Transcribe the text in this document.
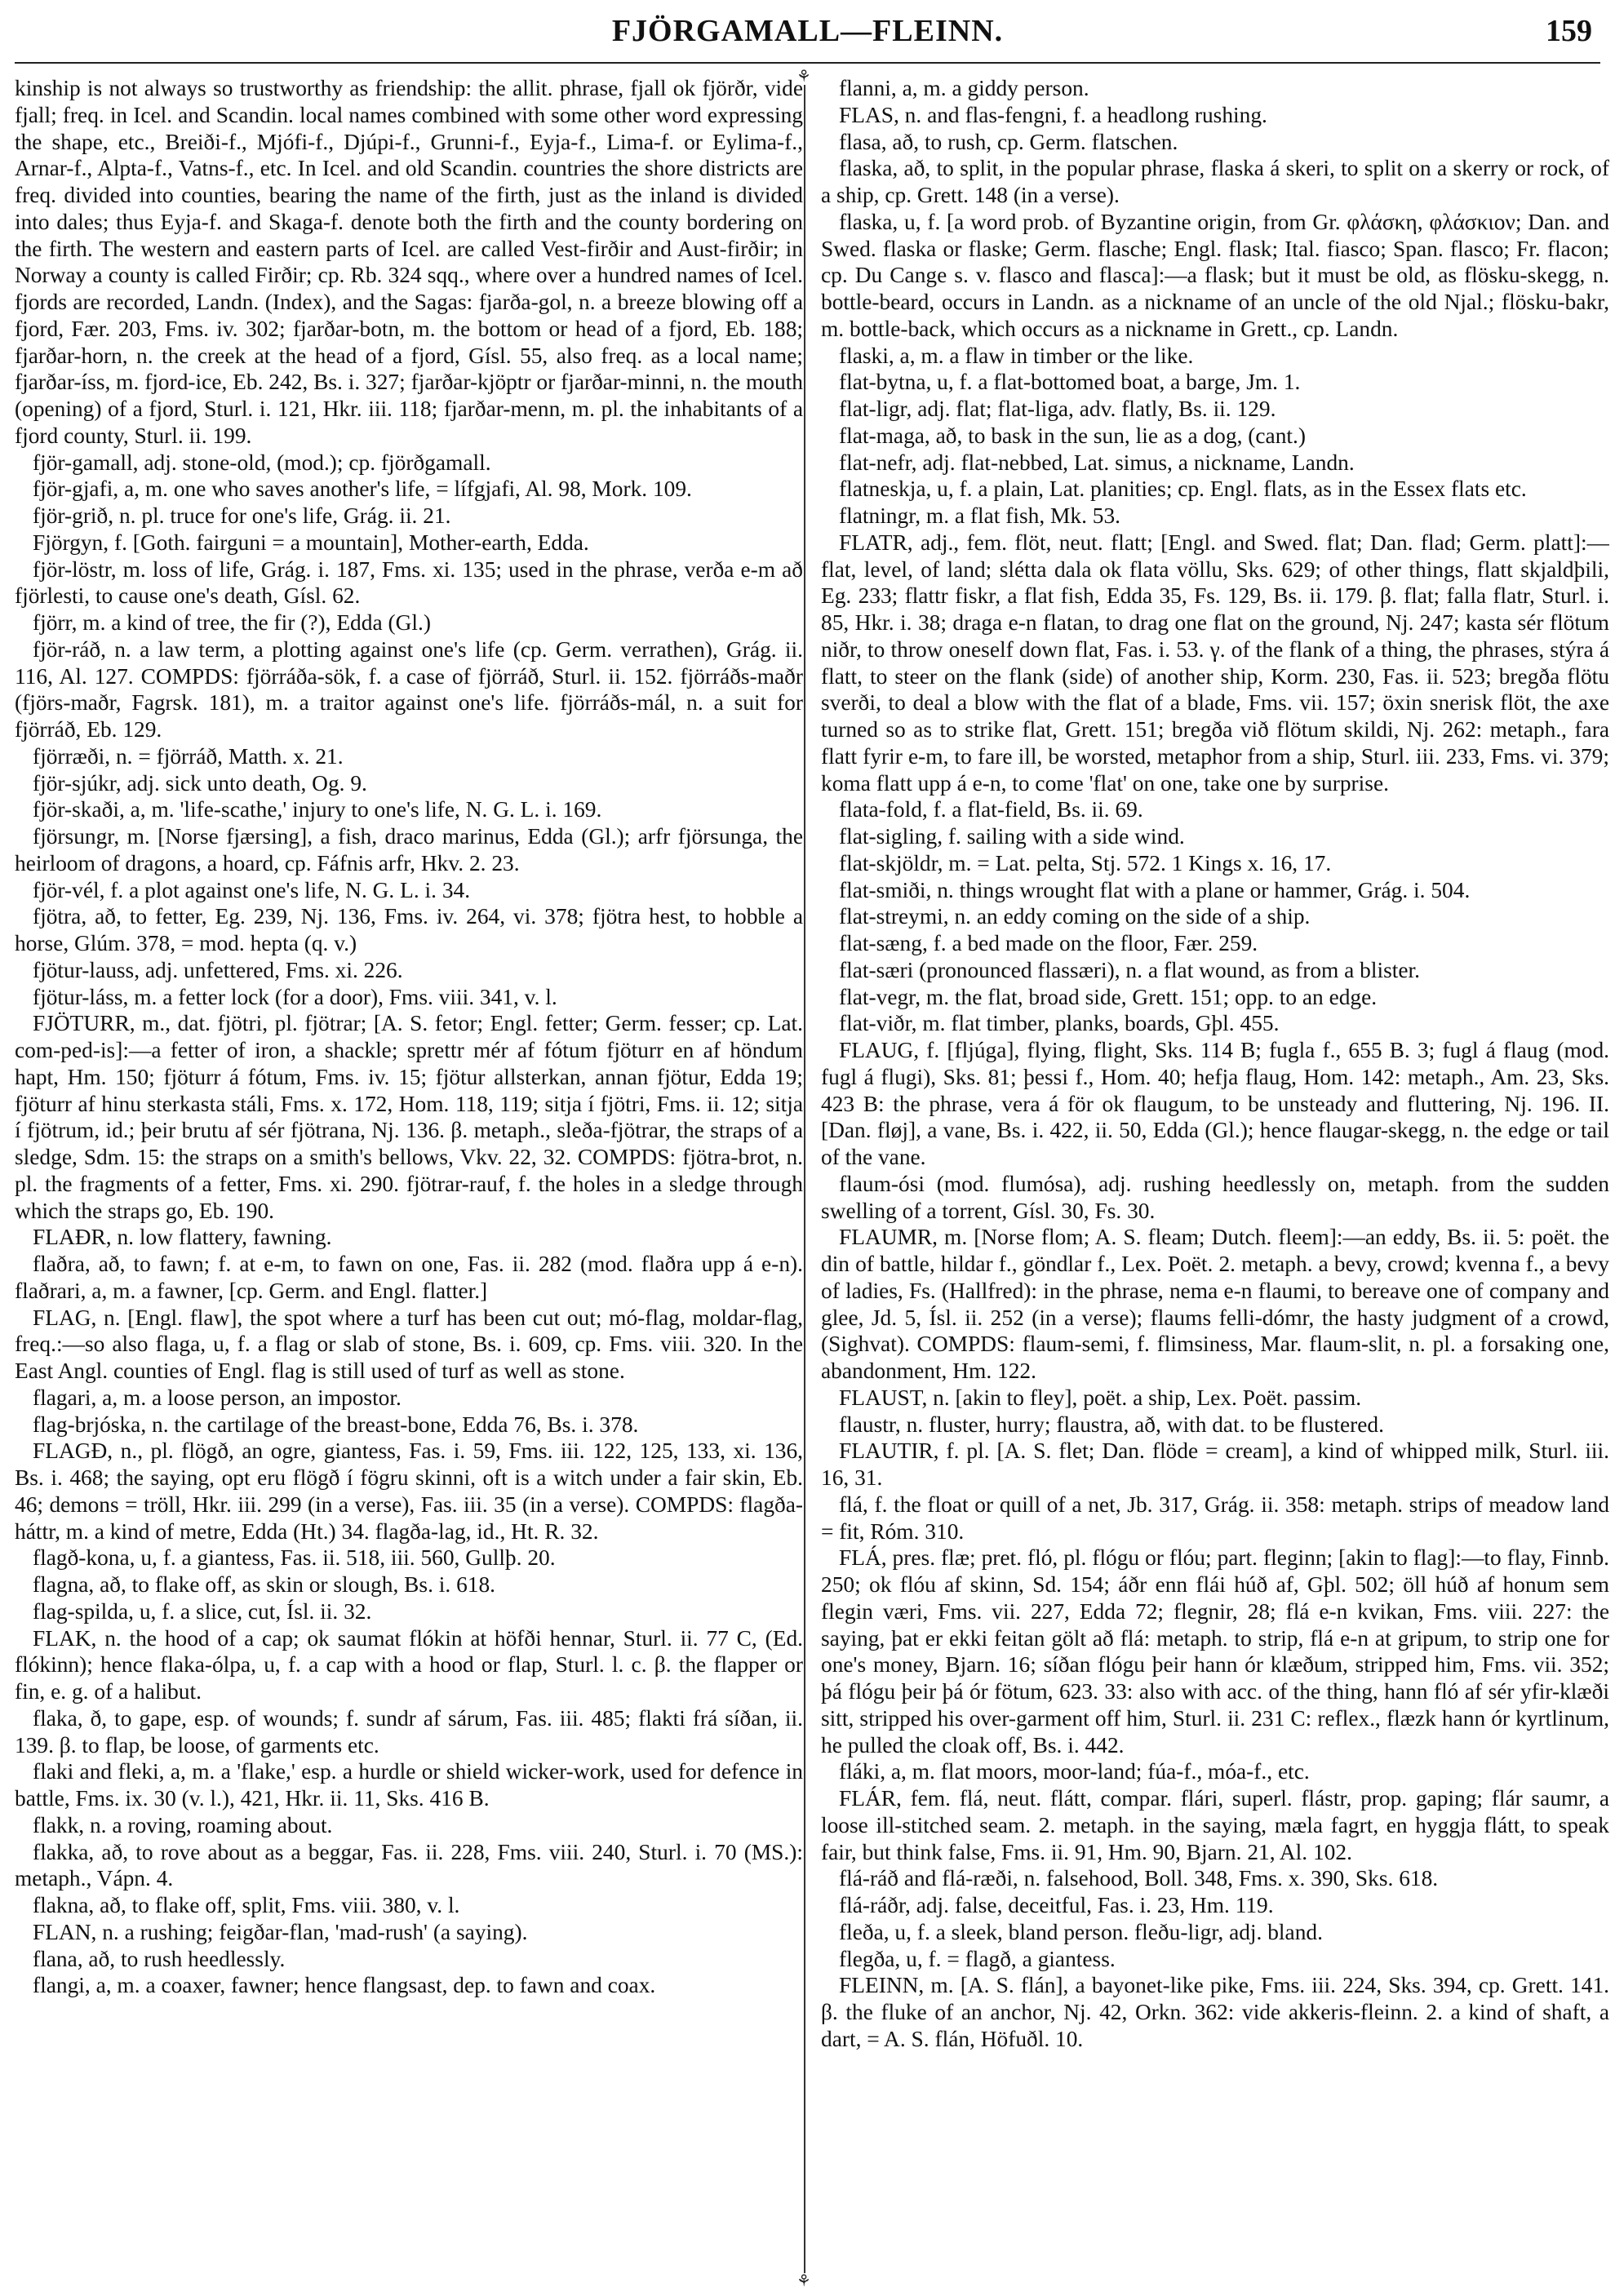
FJÖRGAMALL—FLEINN.	159
⚘
⚘

kinship is not always so trustworthy as friendship: the allit. phrase, fjall ok fjörðr, vide fjall; freq. in Icel. and Scandin. local names combined with some other word expressing the shape, etc., Breiði-f., Mjófi-f., Djúpi-f., Grunni-f., Eyja-f., Lima-f. or Eylima-f., Arnar-f., Alpta-f., Vatns-f., etc. In Icel. and old Scandin. countries the shore districts are freq. divided into counties, bearing the name of the firth, just as the inland is divided into dales; thus Eyja-f. and Skaga-f. denote both the firth and the county bordering on the firth. The western and eastern parts of Icel. are called Vest-firðir and Aust-firðir; in Norway a county is called Firðir; cp. Rb. 324 sqq., where over a hundred names of Icel. fjords are recorded, Landn. (Index), and the Sagas: fjarða-gol, n. a breeze blowing off a fjord, Fær. 203, Fms. iv. 302; fjarðar-botn, m. the bottom or head of a fjord, Eb. 188; fjarðar-horn, n. the creek at the head of a fjord, Gísl. 55, also freq. as a local name; fjarðar-íss, m. fjord-ice, Eb. 242, Bs. i. 327; fjarðar-kjöptr or fjarðar-minni, n. the mouth (opening) of a fjord, Sturl. i. 121, Hkr. iii. 118; fjarðar-menn, m. pl. the inhabitants of a fjord county, Sturl. ii. 199.

fjör-gamall, adj. stone-old, (mod.); cp. fjörðgamall.

fjör-gjafi, a, m. one who saves another's life, = lífgjafi, Al. 98, Mork. 109.

fjör-grið, n. pl. truce for one's life, Grág. ii. 21.

Fjörgyn, f. [Goth. fairguni = a mountain], Mother-earth, Edda.

fjör-löstr, m. loss of life, Grág. i. 187, Fms. xi. 135; used in the phrase, verða e-m að fjörlesti, to cause one's death, Gísl. 62.

fjörr, m. a kind of tree, the fir (?), Edda (Gl.)

fjör-ráð, n. a law term, a plotting against one's life (cp. Germ. verrathen), Grág. ii. 116, Al. 127. COMPDS: fjörráða-sök, f. a case of fjörráð, Sturl. ii. 152. fjörráðs-maðr (fjörs-maðr, Fagrsk. 181), m. a traitor against one's life. fjörráðs-mál, n. a suit for fjörráð, Eb. 129.

fjörræði, n. = fjörráð, Matth. x. 21.

fjör-sjúkr, adj. sick unto death, Og. 9.

fjör-skaði, a, m. 'life-scathe,' injury to one's life, N. G. L. i. 169.

fjörsungr, m. [Norse fjærsing], a fish, draco marinus, Edda (Gl.); arfr fjörsunga, the heirloom of dragons, a hoard, cp. Fáfnis arfr, Hkv. 2. 23.

fjör-vél, f. a plot against one's life, N. G. L. i. 34.

fjötra, að, to fetter, Eg. 239, Nj. 136, Fms. iv. 264, vi. 378; fjötra hest, to hobble a horse, Glúm. 378, = mod. hepta (q. v.)

fjötur-lauss, adj. unfettered, Fms. xi. 226.

fjötur-láss, m. a fetter lock (for a door), Fms. viii. 341, v. l.

FJÖTURR, m., dat. fjötri, pl. fjötrar; [A. S. fetor; Engl. fetter; Germ. fesser; cp. Lat. com-ped-is]:—a fetter of iron, a shackle; sprettr mér af fótum fjöturr en af höndum hapt, Hm. 150; fjöturr á fótum, Fms. iv. 15; fjötur allsterkan, annan fjötur, Edda 19; fjöturr af hinu sterkasta stáli, Fms. x. 172, Hom. 118, 119; sitja í fjötri, Fms. ii. 12; sitja í fjötrum, id.; þeir brutu af sér fjötrana, Nj. 136. β. metaph., sleða-fjötrar, the straps of a sledge, Sdm. 15: the straps on a smith's bellows, Vkv. 22, 32. COMPDS: fjötra-brot, n. pl. the fragments of a fetter, Fms. xi. 290. fjötrar-rauf, f. the holes in a sledge through which the straps go, Eb. 190.

FLAÐR, n. low flattery, fawning.

flaðra, að, to fawn; f. at e-m, to fawn on one, Fas. ii. 282 (mod. flaðra upp á e-n). flaðrari, a, m. a fawner, [cp. Germ. and Engl. flatter.]

FLAG, n. [Engl. flaw], the spot where a turf has been cut out; mó-flag, moldar-flag, freq.:—so also flaga, u, f. a flag or slab of stone, Bs. i. 609, cp. Fms. viii. 320. In the East Angl. counties of Engl. flag is still used of turf as well as stone.

flagari, a, m. a loose person, an impostor.

flag-brjóska, n. the cartilage of the breast-bone, Edda 76, Bs. i. 378.

FLAGÐ, n., pl. flögð, an ogre, giantess, Fas. i. 59, Fms. iii. 122, 125, 133, xi. 136, Bs. i. 468; the saying, opt eru flögð í fögru skinni, oft is a witch under a fair skin, Eb. 46; demons = tröll, Hkr. iii. 299 (in a verse), Fas. iii. 35 (in a verse). COMPDS: flagða-háttr, m. a kind of metre, Edda (Ht.) 34. flagða-lag, id., Ht. R. 32.

flagð-kona, u, f. a giantess, Fas. ii. 518, iii. 560, Gullþ. 20.

flagna, að, to flake off, as skin or slough, Bs. i. 618.

flag-spilda, u, f. a slice, cut, Ísl. ii. 32.

FLAK, n. the hood of a cap; ok saumat flókin at höfði hennar, Sturl. ii. 77 C, (Ed. flókinn); hence flaka-ólpa, u, f. a cap with a hood or flap, Sturl. l. c. β. the flapper or fin, e. g. of a halibut.

flaka, ð, to gape, esp. of wounds; f. sundr af sárum, Fas. iii. 485; flakti frá síðan, ii. 139. β. to flap, be loose, of garments etc.

flaki and fleki, a, m. a 'flake,' esp. a hurdle or shield wicker-work, used for defence in battle, Fms. ix. 30 (v. l.), 421, Hkr. ii. 11, Sks. 416 B.

flakk, n. a roving, roaming about.

flakka, að, to rove about as a beggar, Fas. ii. 228, Fms. viii. 240, Sturl. i. 70 (MS.): metaph., Vápn. 4.

flakna, að, to flake off, split, Fms. viii. 380, v. l.

FLAN, n. a rushing; feigðar-flan, 'mad-rush' (a saying).

flana, að, to rush heedlessly.

flangi, a, m. a coaxer, fawner; hence flangsast, dep. to fawn and coax.

flanni, a, m. a giddy person.

FLAS, n. and flas-fengni, f. a headlong rushing.

flasa, að, to rush, cp. Germ. flatschen.

flaska, að, to split, in the popular phrase, flaska á skeri, to split on a skerry or rock, of a ship, cp. Grett. 148 (in a verse).

flaska, u, f. [a word prob. of Byzantine origin, from Gr. φλάσκη, φλάσκιον; Dan. and Swed. flaska or flaske; Germ. flasche; Engl. flask; Ital. fiasco; Span. flasco; Fr. flacon; cp. Du Cange s. v. flasco and flasca]:—a flask; but it must be old, as flösku-skegg, n. bottle-beard, occurs in Landn. as a nickname of an uncle of the old Njal.; flösku-bakr, m. bottle-back, which occurs as a nickname in Grett., cp. Landn.

flaski, a, m. a flaw in timber or the like.

flat-bytna, u, f. a flat-bottomed boat, a barge, Jm. 1.

flat-ligr, adj. flat; flat-liga, adv. flatly, Bs. ii. 129.

flat-maga, að, to bask in the sun, lie as a dog, (cant.)

flat-nefr, adj. flat-nebbed, Lat. simus, a nickname, Landn.

flatneskja, u, f. a plain, Lat. planities; cp. Engl. flats, as in the Essex flats etc.

flatningr, m. a flat fish, Mk. 53.

FLATR, adj., fem. flöt, neut. flatt; [Engl. and Swed. flat; Dan. flad; Germ. platt]:—flat, level, of land; slétta dala ok flata völlu, Sks. 629; of other things, flatt skjaldþili, Eg. 233; flattr fiskr, a flat fish, Edda 35, Fs. 129, Bs. ii. 179. β. flat; falla flatr, Sturl. i. 85, Hkr. i. 38; draga e-n flatan, to drag one flat on the ground, Nj. 247; kasta sér flötum niðr, to throw oneself down flat, Fas. i. 53. γ. of the flank of a thing, the phrases, stýra á flatt, to steer on the flank (side) of another ship, Korm. 230, Fas. ii. 523; bregða flötu sverði, to deal a blow with the flat of a blade, Fms. vii. 157; öxin snerisk flöt, the axe turned so as to strike flat, Grett. 151; bregða við flötum skildi, Nj. 262: metaph., fara flatt fyrir e-m, to fare ill, be worsted, metaphor from a ship, Sturl. iii. 233, Fms. vi. 379; koma flatt upp á e-n, to come 'flat' on one, take one by surprise.

flata-fold, f. a flat-field, Bs. ii. 69.

flat-sigling, f. sailing with a side wind.

flat-skjöldr, m. = Lat. pelta, Stj. 572. 1 Kings x. 16, 17.

flat-smiði, n. things wrought flat with a plane or hammer, Grág. i. 504.

flat-streymi, n. an eddy coming on the side of a ship.

flat-sæng, f. a bed made on the floor, Fær. 259.

flat-særi (pronounced flassæri), n. a flat wound, as from a blister.

flat-vegr, m. the flat, broad side, Grett. 151; opp. to an edge.

flat-viðr, m. flat timber, planks, boards, Gþl. 455.

FLAUG, f. [fljúga], flying, flight, Sks. 114 B; fugla f., 655 B. 3; fugl á flaug (mod. fugl á flugi), Sks. 81; þessi f., Hom. 40; hefja flaug, Hom. 142: metaph., Am. 23, Sks. 423 B: the phrase, vera á för ok flaugum, to be unsteady and fluttering, Nj. 196. II. [Dan. fløj], a vane, Bs. i. 422, ii. 50, Edda (Gl.); hence flaugar-skegg, n. the edge or tail of the vane.

flaum-ósi (mod. flumósa), adj. rushing heedlessly on, metaph. from the sudden swelling of a torrent, Gísl. 30, Fs. 30.

FLAUMR, m. [Norse flom; A. S. fleam; Dutch. fleem]:—an eddy, Bs. ii. 5: poët. the din of battle, hildar f., göndlar f., Lex. Poët. 2. metaph. a bevy, crowd; kvenna f., a bevy of ladies, Fs. (Hallfred): in the phrase, nema e-n flaumi, to bereave one of company and glee, Jd. 5, Ísl. ii. 252 (in a verse); flaums felli-dómr, the hasty judgment of a crowd, (Sighvat). COMPDS: flaum-semi, f. flimsiness, Mar. flaum-slit, n. pl. a forsaking one, abandonment, Hm. 122.

FLAUST, n. [akin to fley], poët. a ship, Lex. Poët. passim.

flaustr, n. fluster, hurry; flaustra, að, with dat. to be flustered.

FLAUTIR, f. pl. [A. S. flet; Dan. flöde = cream], a kind of whipped milk, Sturl. iii. 16, 31.

flá, f. the float or quill of a net, Jb. 317, Grág. ii. 358: metaph. strips of meadow land = fit, Róm. 310.

FLÁ, pres. flæ; pret. fló, pl. flógu or flóu; part. fleginn; [akin to flag]:—to flay, Finnb. 250; ok flóu af skinn, Sd. 154; áðr enn flái húð af, Gþl. 502; öll húð af honum sem flegin væri, Fms. vii. 227, Edda 72; flegnir, 28; flá e-n kvikan, Fms. viii. 227: the saying, þat er ekki feitan gölt að flá: metaph. to strip, flá e-n at gripum, to strip one for one's money, Bjarn. 16; síðan flógu þeir hann ór klæðum, stripped him, Fms. vii. 352; þá flógu þeir þá ór fötum, 623. 33: also with acc. of the thing, hann fló af sér yfir-klæði sitt, stripped his over-garment off him, Sturl. ii. 231 C: reflex., flæzk hann ór kyrtlinum, he pulled the cloak off, Bs. i. 442.

fláki, a, m. flat moors, moor-land; fúa-f., móa-f., etc.

FLÁR, fem. flá, neut. flátt, compar. flári, superl. flástr, prop. gaping; flár saumr, a loose ill-stitched seam. 2. metaph. in the saying, mæla fagrt, en hyggja flátt, to speak fair, but think false, Fms. ii. 91, Hm. 90, Bjarn. 21, Al. 102.

flá-ráð and flá-ræði, n. falsehood, Boll. 348, Fms. x. 390, Sks. 618.

flá-ráðr, adj. false, deceitful, Fas. i. 23, Hm. 119.

fleða, u, f. a sleek, bland person. fleðu-ligr, adj. bland.

flegða, u, f. = flagð, a giantess.

FLEINN, m. [A. S. flán], a bayonet-like pike, Fms. iii. 224, Sks. 394, cp. Grett. 141. β. the fluke of an anchor, Nj. 42, Orkn. 362: vide akkeris-fleinn. 2. a kind of shaft, a dart, = A. S. flán, Höfuðl. 10.
